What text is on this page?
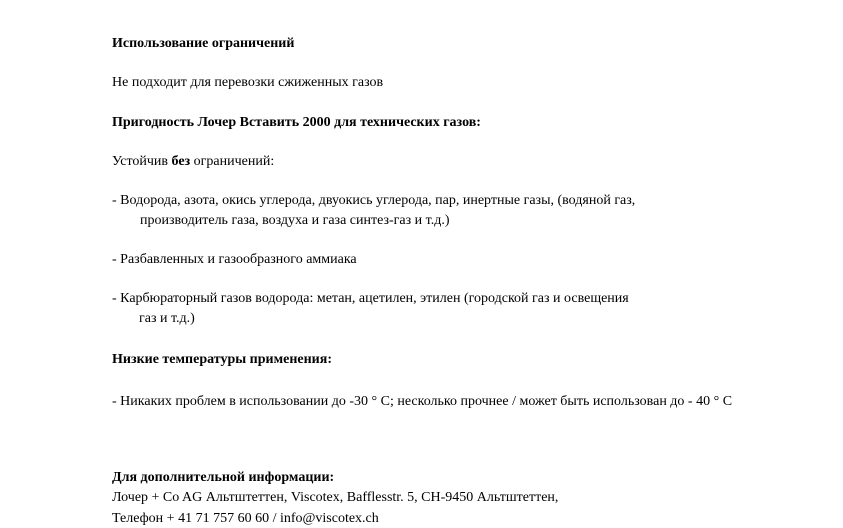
Использование ограничений
Не подходит для перевозки сжиженных газов
Пригодность Лочер Вставить 2000 для технических газов:
Устойчив без ограничений:
- Водорода, азота, окись углерода, двуокись углерода, пар, инертные газы, (водяной газ,
производитель газа, воздуха и газа синтез-газ и т.д.)
- Разбавленных и газообразного аммиака
- Карбюраторный газов водорода: метан, ацетилен, этилен (городской газ и освещения
газ и т.д.)
Низкие температуры применения:
- Никаких проблем в использовании до -30 ° C; несколько прочнее / может быть использован до - 40 ° C
Для дополнительной информации:
Лочер + Co AG Альтштеттен, Viscotex, Bafflesstr. 5, CH-9450 Альтштеттен,
Телефон + 41 71 757 60 60 / info@viscotex.ch
